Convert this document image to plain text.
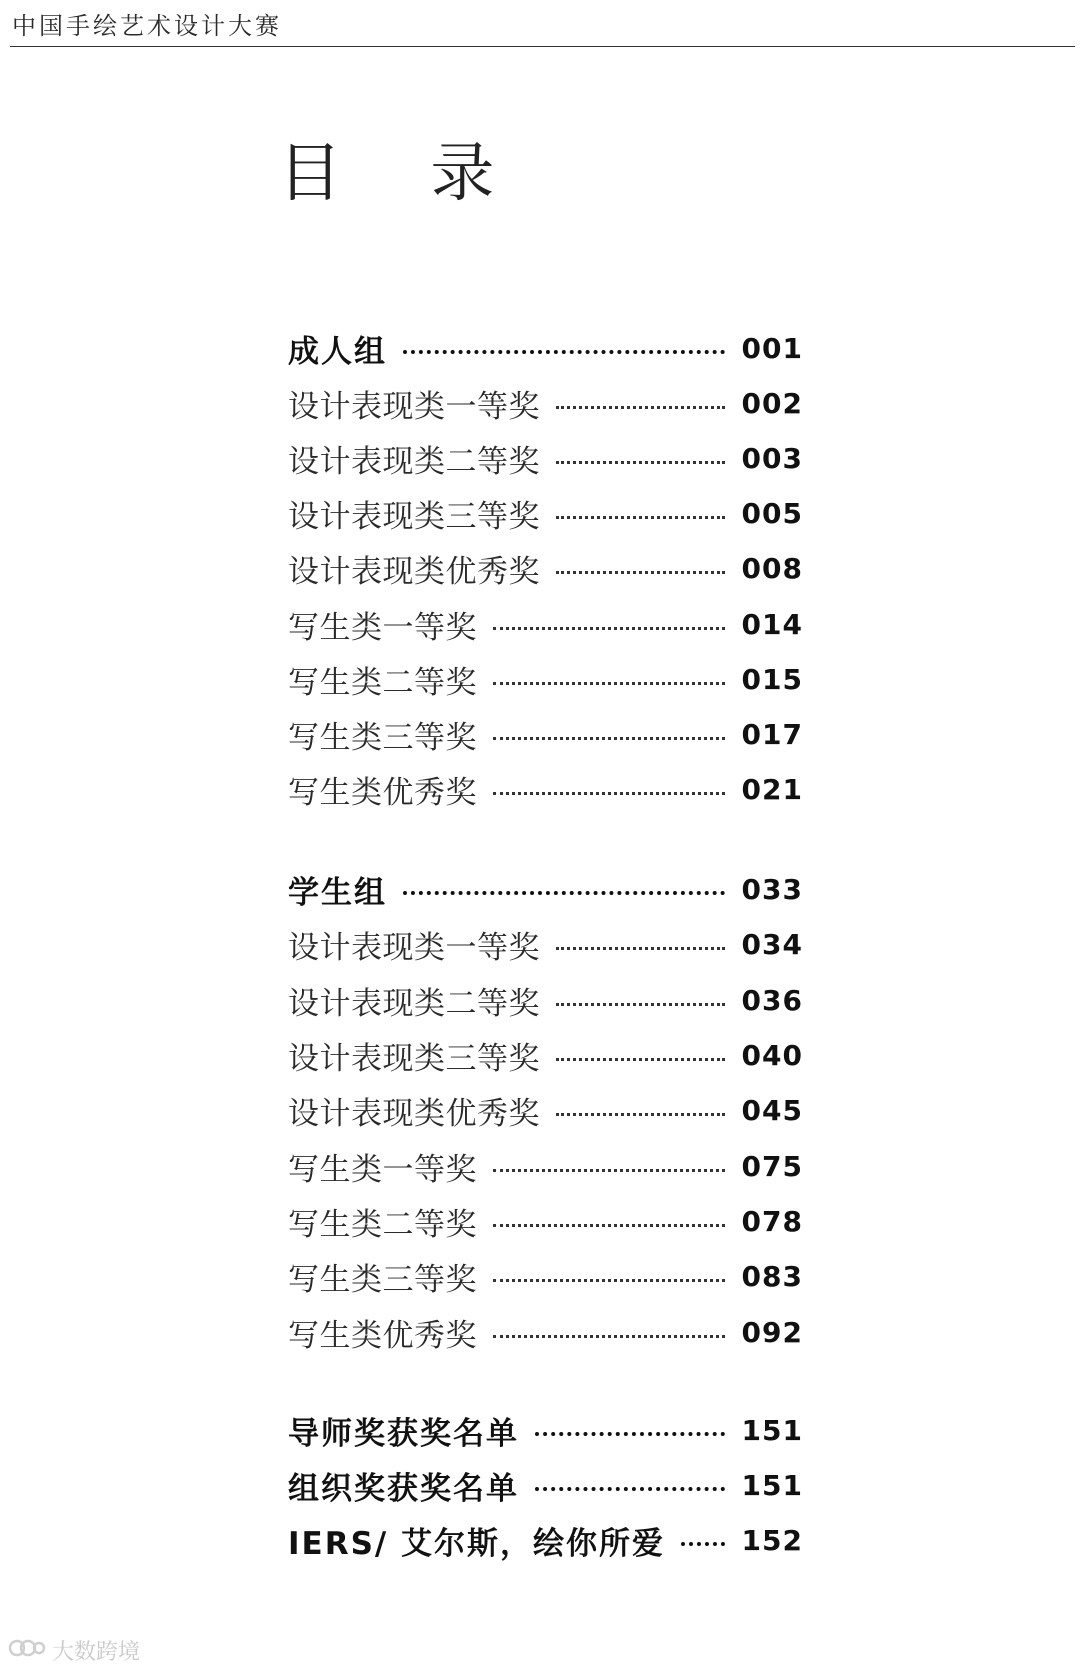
中国手绘艺术设计大赛
目 录
成人组	001
设计表现类一等奖	002
设计表现类二等奖	003
设计表现类三等奖	005
设计表现类优秀奖	008
写生类一等奖	014
写生类二等奖	015
写生类三等奖	017
写生类优秀奖	021
学生组	033
设计表现类一等奖	034
设计表现类二等奖	036
设计表现类三等奖	040
设计表现类优秀奖	045
写生类一等奖	075
写生类二等奖	078
写生类三等奖	083
写生类优秀奖	092
导师奖获奖名单	151
组织奖获奖名单	151
IERS/ 艾尔斯，绘你所爱	152
大数跨境
